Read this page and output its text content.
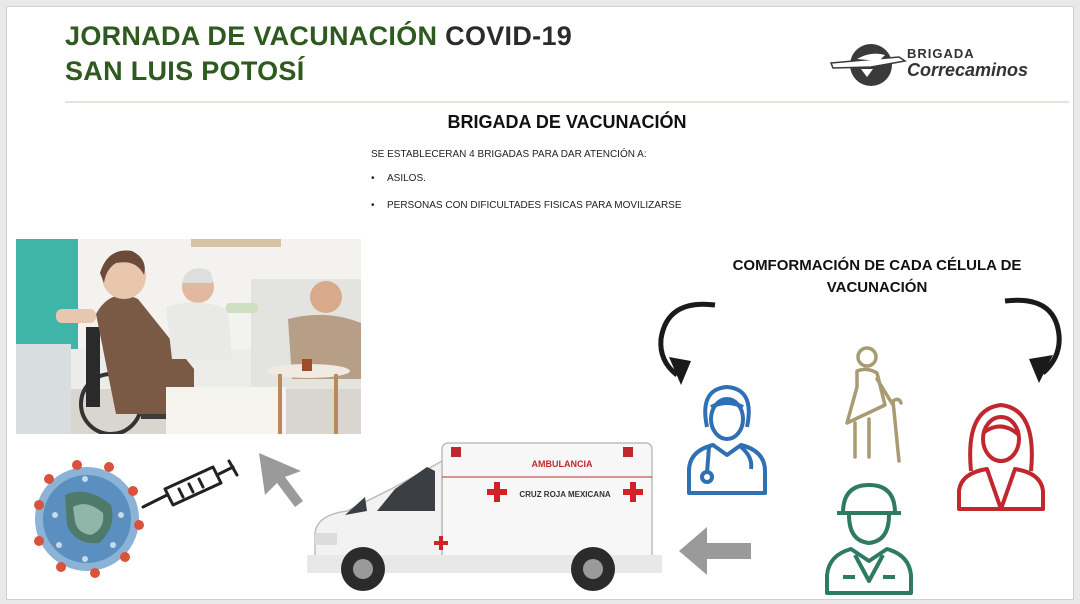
JORNADA DE VACUNACIÓN COVID-19
SAN LUIS POTOSÍ
BRIGADA
Correcaminos
BRIGADA DE VACUNACIÓN
SE ESTABLECERAN 4 BRIGADAS PARA DAR ATENCIÓN A:
• ASILOS.
• PERSONAS CON DIFICULTADES FISICAS PARA MOVILIZARSE
AMBULANCIA
CRUZ ROJA MEXICANA
COMFORMACIÓN DE CADA CÉLULA DE VACUNACIÓN
